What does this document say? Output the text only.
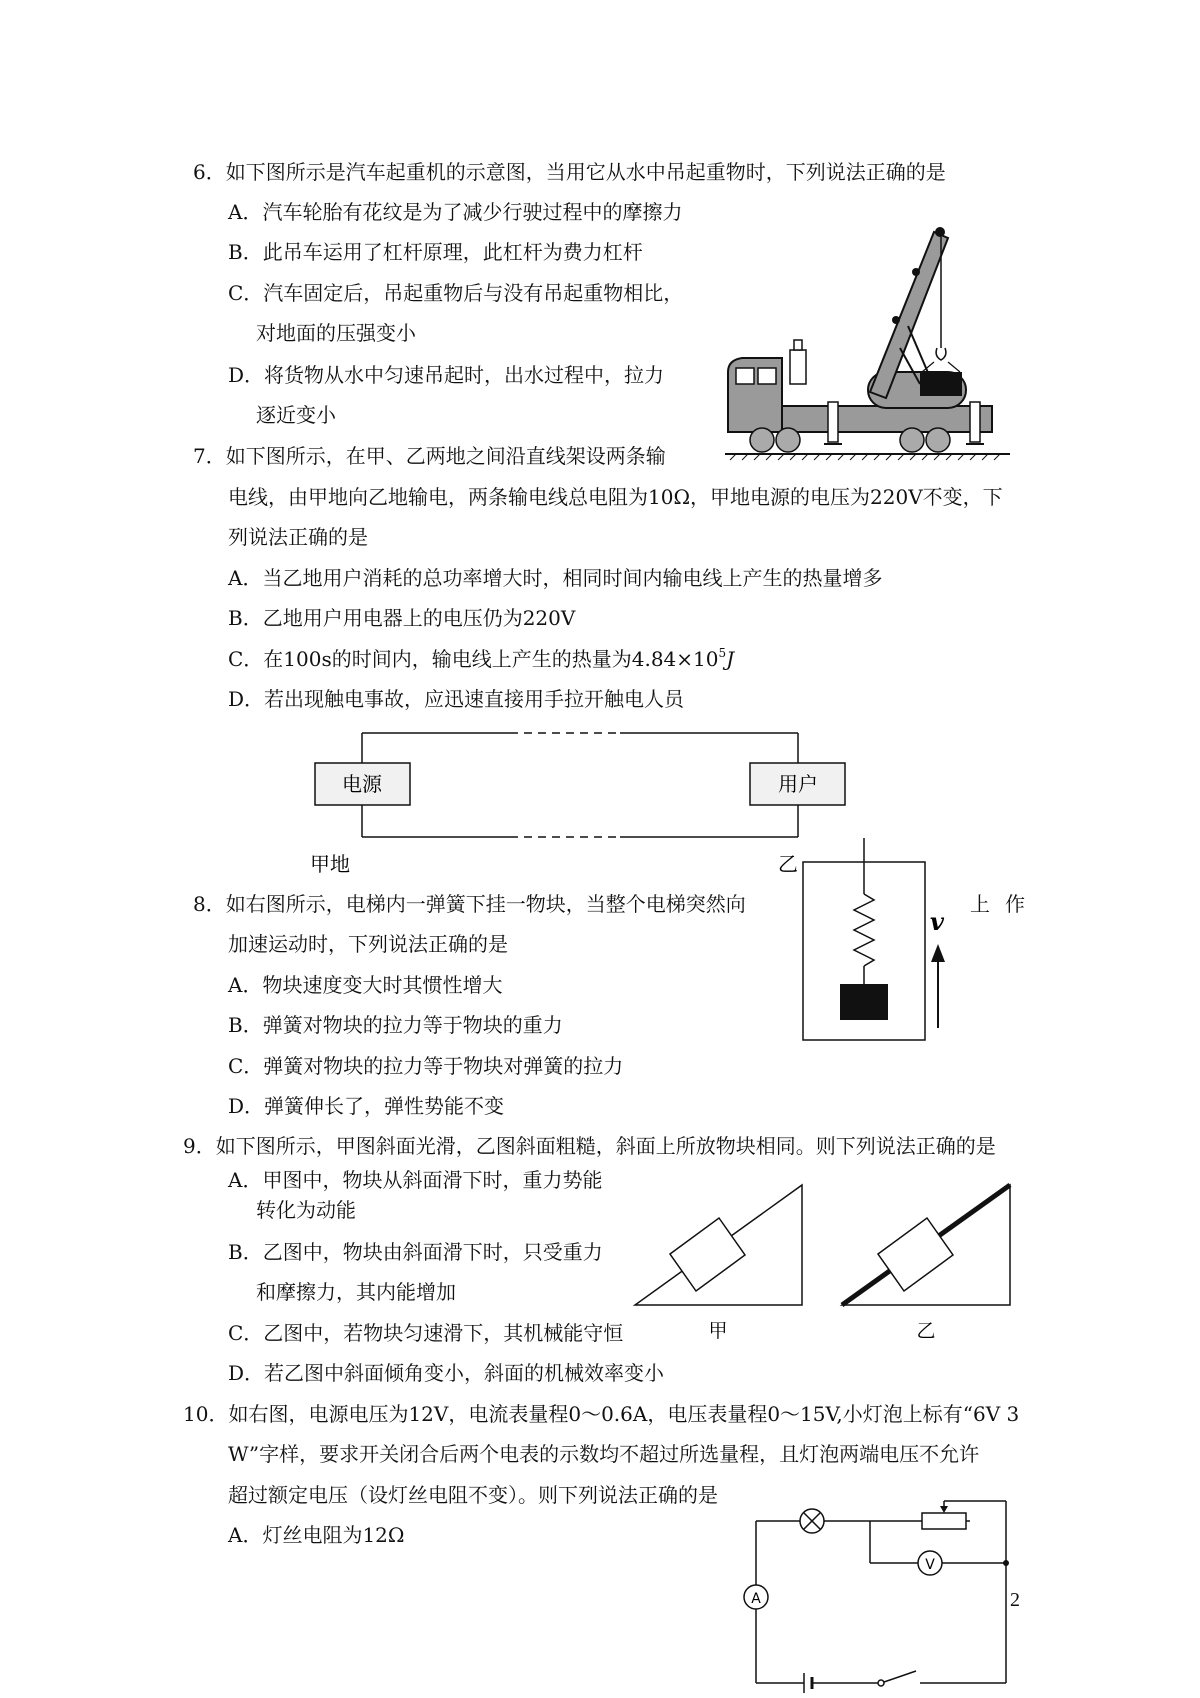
6．如下图所示是汽车起重机的示意图，当用它从水中吊起重物时，下列说法正确的是
A．汽车轮胎有花纹是为了减少行驶过程中的摩擦力
B．此吊车运用了杠杆原理，此杠杆为费力杠杆
C．汽车固定后，吊起重物后与没有吊起重物相比，
对地面的压强变小
D．将货物从水中匀速吊起时，出水过程中，拉力
逐近变小
7．如下图所示，在甲、乙两地之间沿直线架设两条输
电线，由甲地向乙地输电，两条输电线总电阻为10Ω，甲地电源的电压为220V不变，下
列说法正确的是
A．当乙地用户消耗的总功率增大时，相同时间内输电线上产生的热量增多
B．乙地用户用电器上的电压仍为220V
C．在100s的时间内，输电线上产生的热量为$4.84\times 10^5J$
D．若出现触电事故，应迅速直接用手拉开触电人员
电源	用户
甲地	乙
8．如右图所示，电梯内一弹簧下挂一物块，当整个电梯突然向	上 作
加速运动时，下列说法正确的是
A．物块速度变大时其惯性增大
B．弹簧对物块的拉力等于物块的重力
C．弹簧对物块的拉力等于物块对弹簧的拉力
D．弹簧伸长了，弹性势能不变
v
9．如下图所示，甲图斜面光滑，乙图斜面粗糙，斜面上所放物块相同。则下列说法正确的是
A．甲图中，物块从斜面滑下时，重力势能
转化为动能
B．乙图中，物块由斜面滑下时，只受重力
和摩擦力，其内能增加
C．乙图中，若物块匀速滑下，其机械能守恒
D．若乙图中斜面倾角变小，斜面的机械效率变小
甲	乙
10．如右图，电源电压为12V，电流表量程0～0.6A，电压表量程0～15V,小灯泡上标有“6V 3
W”字样，要求开关闭合后两个电表的示数均不超过所选量程，且灯泡两端电压不允许
超过额定电压（设灯丝电阻不变）。则下列说法正确的是
A．灯丝电阻为12Ω
V
A	2
